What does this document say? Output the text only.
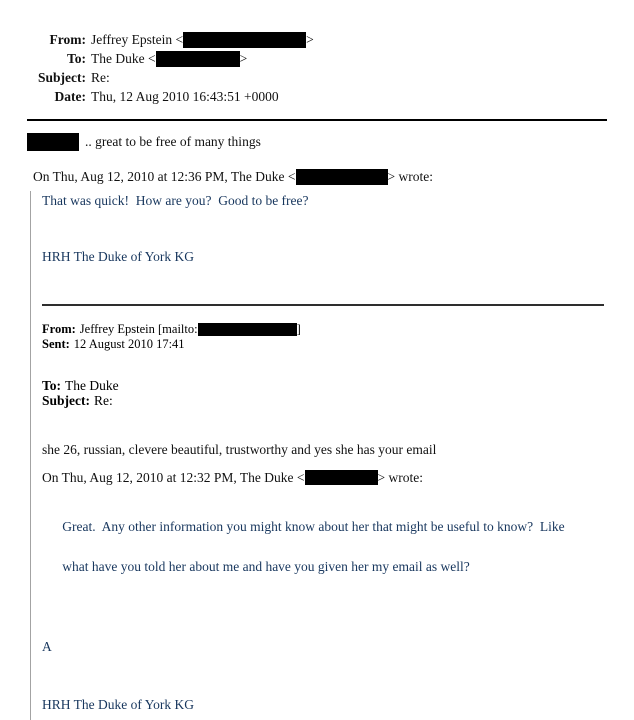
From: Jeffrey Epstein <	>
To: The Duke <	>
Subject: Re:
Date: Thu, 12 Aug 2010 16:43:51 +0000
.. great to be free of many things
On Thu, Aug 12, 2010 at 12:36 PM, The Duke <	> wrote:

That was quick!  How are you?  Good to be free?

HRH The Duke of York KG

From: Jeffrey Epstein [mailto:	]
Sent: 12 August 2010 17:41
To: The Duke
Subject: Re:

she 26, russian, clevere beautiful, trustworthy and yes she has your email

On Thu, Aug 12, 2010 at 12:32 PM, The Duke <	> wrote:

Great.  Any other information you might know about her that might be useful to know?  Like

what have you told her about me and have you given her my email as well?

A

HRH The Duke of York KG
